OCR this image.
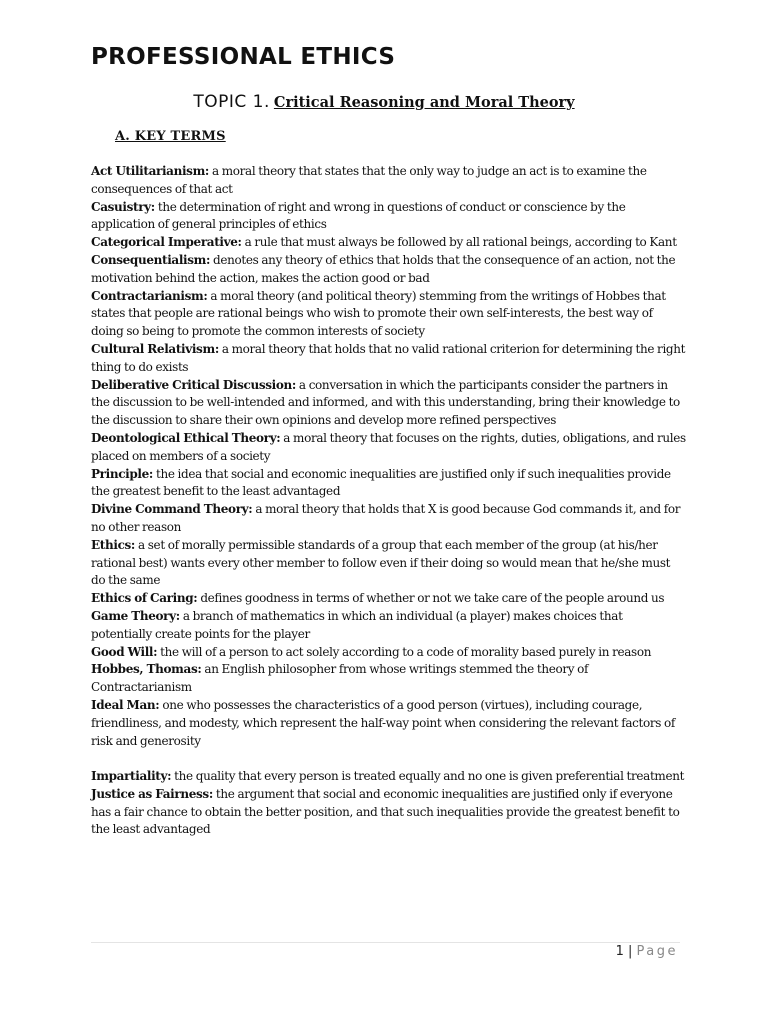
PROFESSIONAL ETHICS
TOPIC 1. Critical Reasoning and Moral Theory
A. KEY TERMS

Act Utilitarianism: a moral theory that states that the only way to judge an act is to examine the consequences of that act

Casuistry: the determination of right and wrong in questions of conduct or conscience by the application of general principles of ethics

Categorical Imperative: a rule that must always be followed by all rational beings, according to Kant

Consequentialism: denotes any theory of ethics that holds that the consequence of an action, not the motivation behind the action, makes the action good or bad

Contractarianism: a moral theory (and political theory) stemming from the writings of Hobbes that states that people are rational beings who wish to promote their own self-interests, the best way of doing so being to promote the common interests of society

Cultural Relativism: a moral theory that holds that no valid rational criterion for determining the right thing to do exists

Deliberative Critical Discussion: a conversation in which the participants consider the partners in the discussion to be well-intended and informed, and with this understanding, bring their knowledge to the discussion to share their own opinions and develop more refined perspectives

Deontological Ethical Theory: a moral theory that focuses on the rights, duties, obligations, and rules placed on members of a society

Principle: the idea that social and economic inequalities are justified only if such inequalities provide the greatest benefit to the least advantaged

Divine Command Theory: a moral theory that holds that X is good because God commands it, and for no other reason

Ethics: a set of morally permissible standards of a group that each member of the group (at his/her rational best) wants every other member to follow even if their doing so would mean that he/she must do the same

Ethics of Caring: defines goodness in terms of whether or not we take care of the people around us

Game Theory: a branch of mathematics in which an individual (a player) makes choices that potentially create points for the player

Good Will: the will of a person to act solely according to a code of morality based purely in reason

Hobbes, Thomas: an English philosopher from whose writings stemmed the theory of Contractarianism

Ideal Man: one who possesses the characteristics of a good person (virtues), including courage, friendliness, and modesty, which represent the half-way point when considering the relevant factors of risk and generosity

Impartiality: the quality that every person is treated equally and no one is given preferential treatment

Justice as Fairness: the argument that social and economic inequalities are justified only if everyone has a fair chance to obtain the better position, and that such inequalities provide the greatest benefit to the least advantaged

1 | Page
